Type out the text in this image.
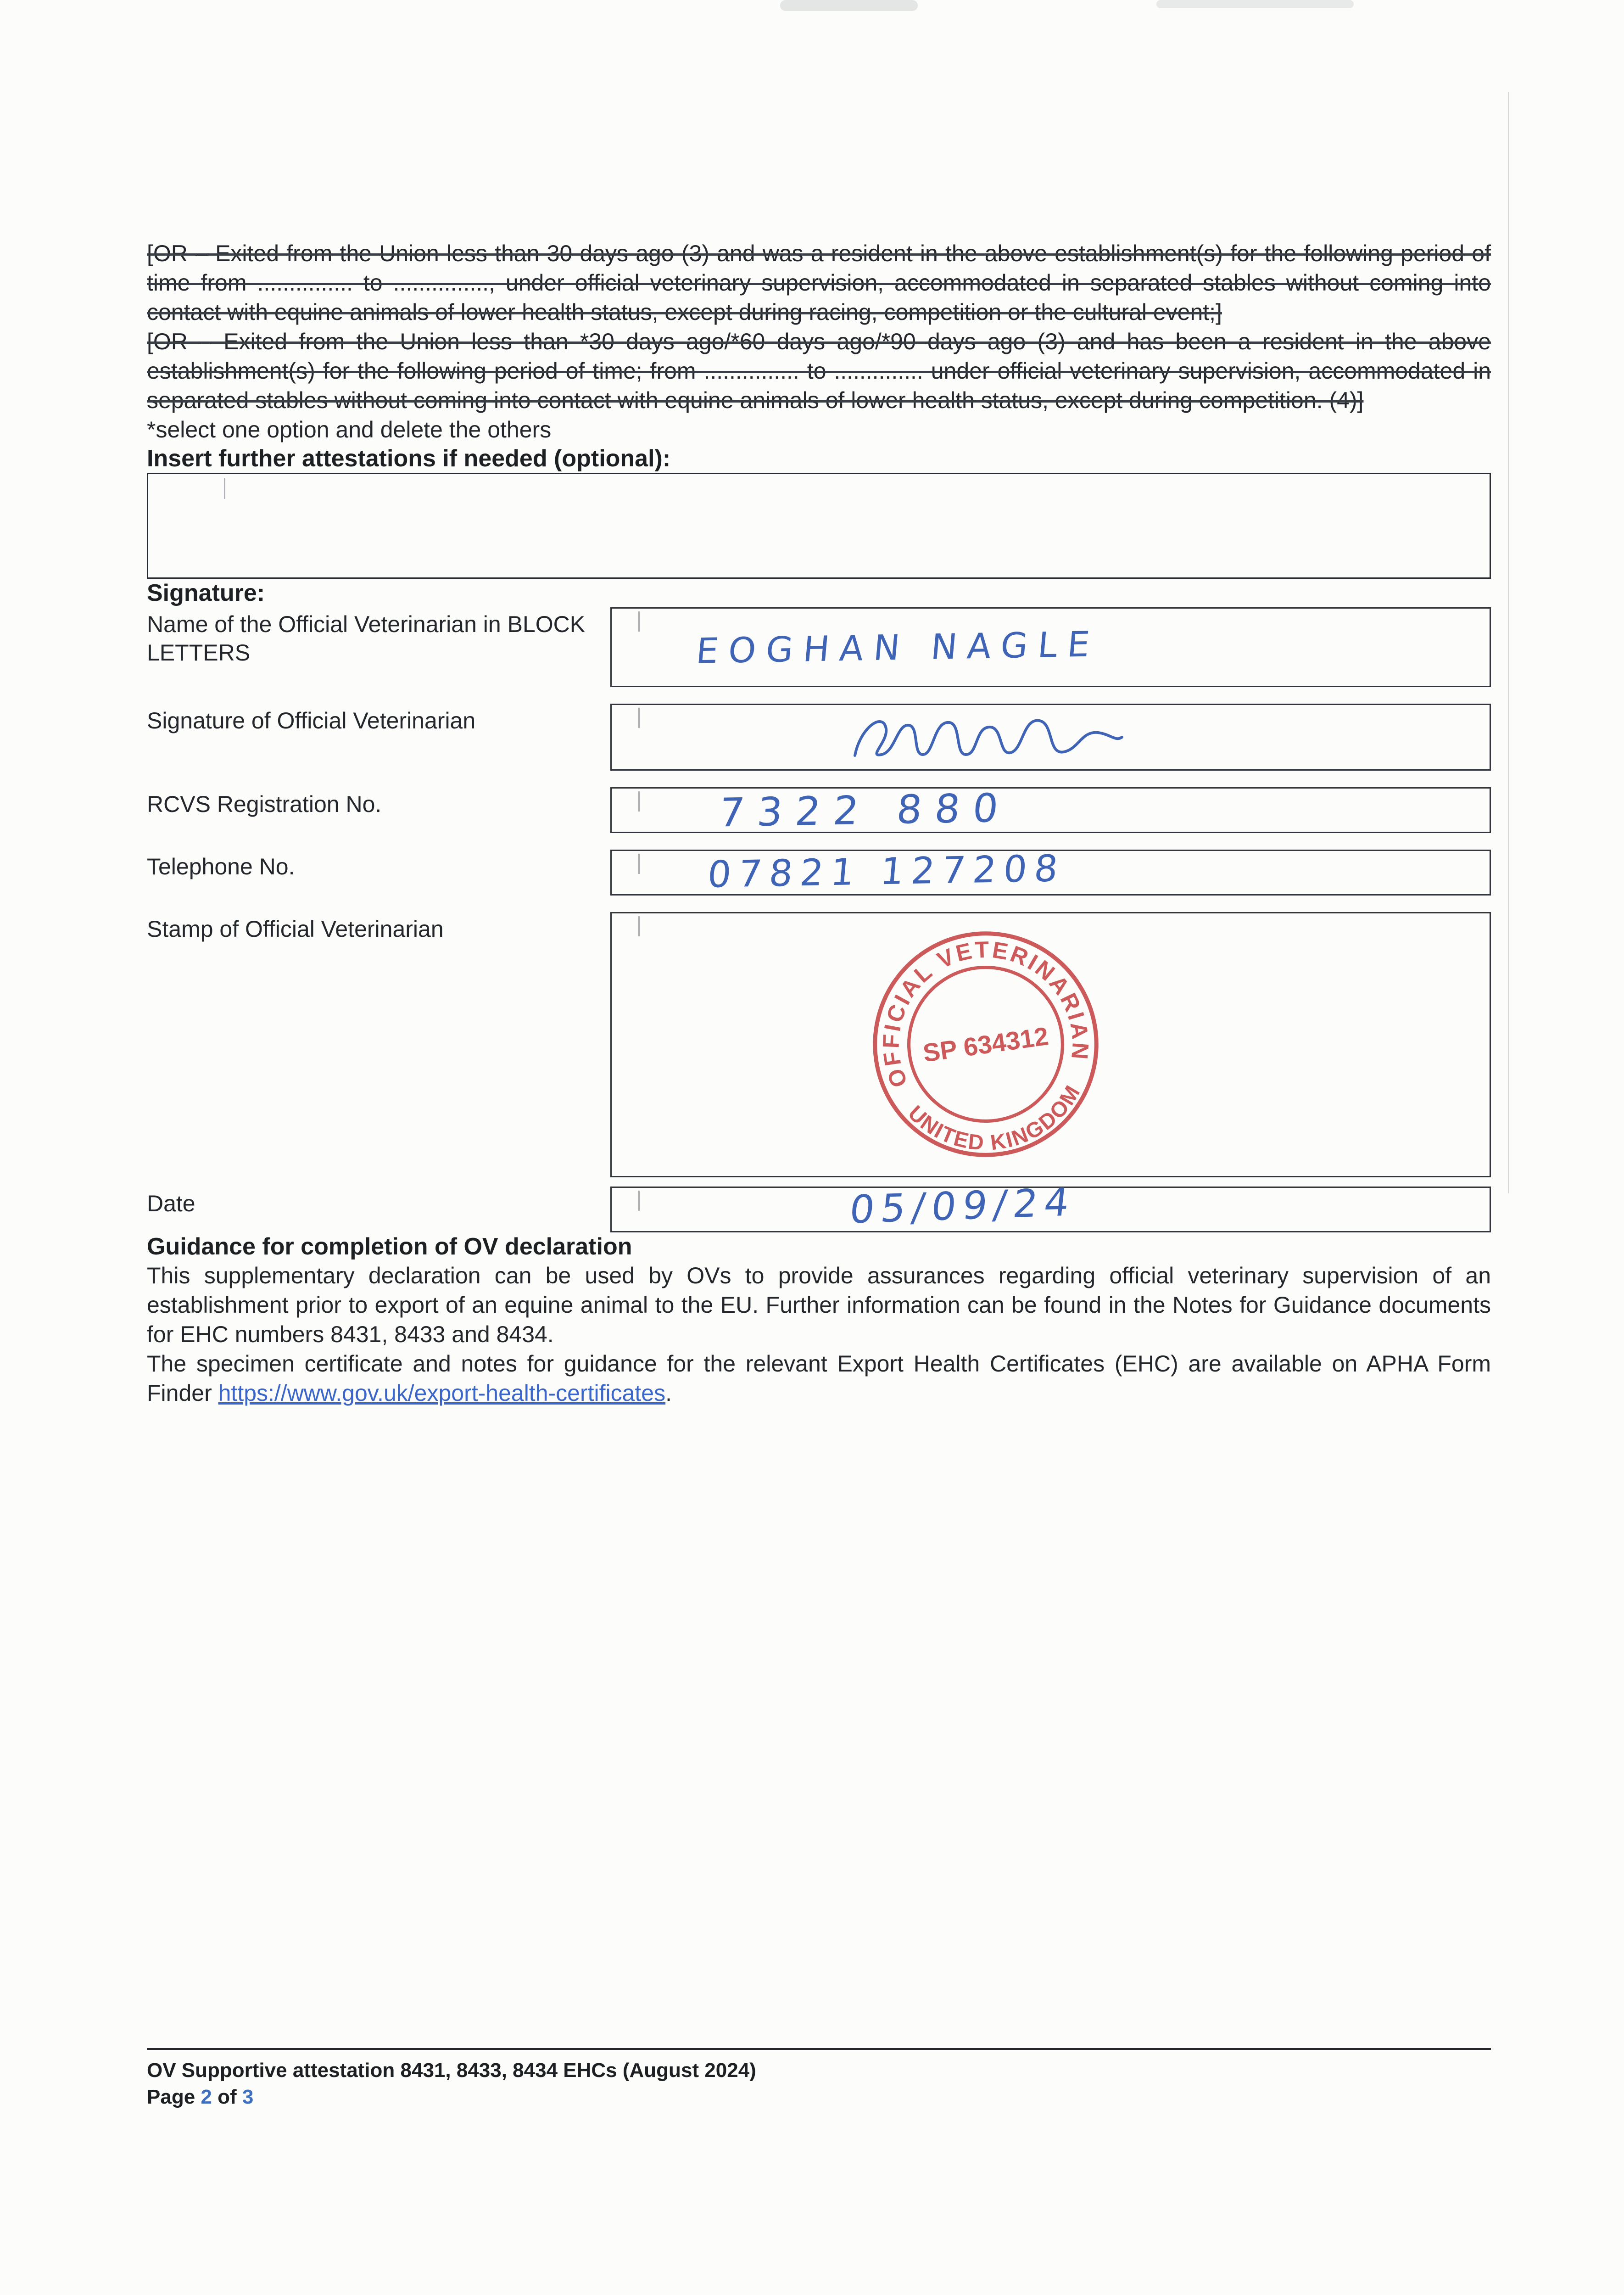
[OR – Exited from the Union less than 30 days ago (3) and was a resident in the above establishment(s) for the following period of time from ............... to ..............., under official veterinary supervision, accommodated in separated stables without coming into contact with equine animals of lower health status, except during racing, competition or the cultural event;]

[OR – Exited from the Union less than *30 days ago/*60 days ago/*90 days ago (3) and has been a resident in the above establishment(s) for the following period of time; from ............... to .............. under official veterinary supervision, accommodated in separated stables without coming into contact with equine animals of lower health status, except during competition. (4)]

*select one option and delete the others

Insert further attestations if needed (optional):
Signature:
Name of the Official Veterinarian in BLOCK LETTERS	EOGHAN NAGLE
Signature of Official Veterinarian
RCVS Registration No.	7322 880
Telephone No.	07821 127208
Stamp of Official Veterinarian
OFFICIAL VETERINARIAN
UNITED KINGDOM
SP 634312
Date	05/09/24
Guidance for completion of OV declaration

This supplementary declaration can be used by OVs to provide assurances regarding official veterinary supervision of an establishment prior to export of an equine animal to the EU. Further information can be found in the Notes for Guidance documents for EHC numbers 8431, 8433 and 8434.

The specimen certificate and notes for guidance for the relevant Export Health Certificates (EHC) are available on APHA Form Finder https://www.gov.uk/export-health-certificates.

OV Supportive attestation 8431, 8433, 8434 EHCs (August 2024)

Page 2 of 3
